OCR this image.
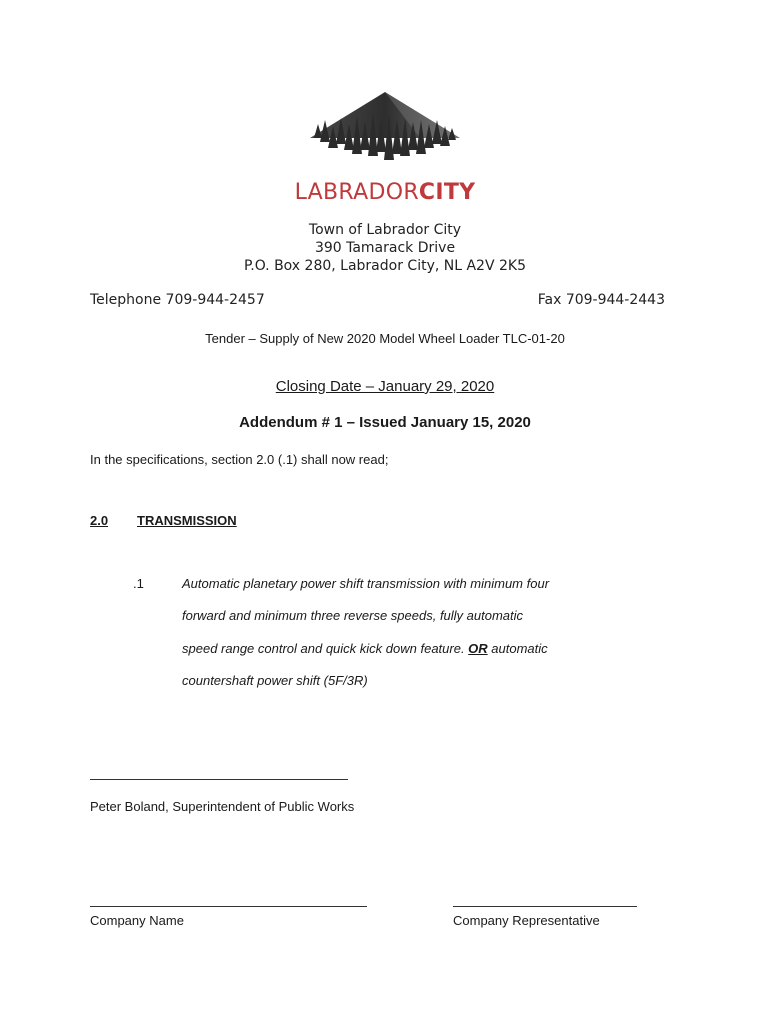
LABRADORCITY
Town of Labrador City
390 Tamarack Drive
P.O. Box 280, Labrador City, NL A2V 2K5
Telephone 709-944-2457	Fax 709-944-2443
Tender – Supply of New 2020 Model Wheel Loader TLC-01-20
Closing Date – January 29, 2020
Addendum # 1 – Issued January 15, 2020
In the specifications, section 2.0 (.1) shall now read;
2.0 TRANSMISSION
.1	Automatic planetary power shift transmission with minimum four
forward and minimum three reverse speeds, fully automatic
speed range control and quick kick down feature. OR automatic
countershaft power shift (5F/3R)
Peter Boland, Superintendent of Public Works
Company Name	Company Representative
